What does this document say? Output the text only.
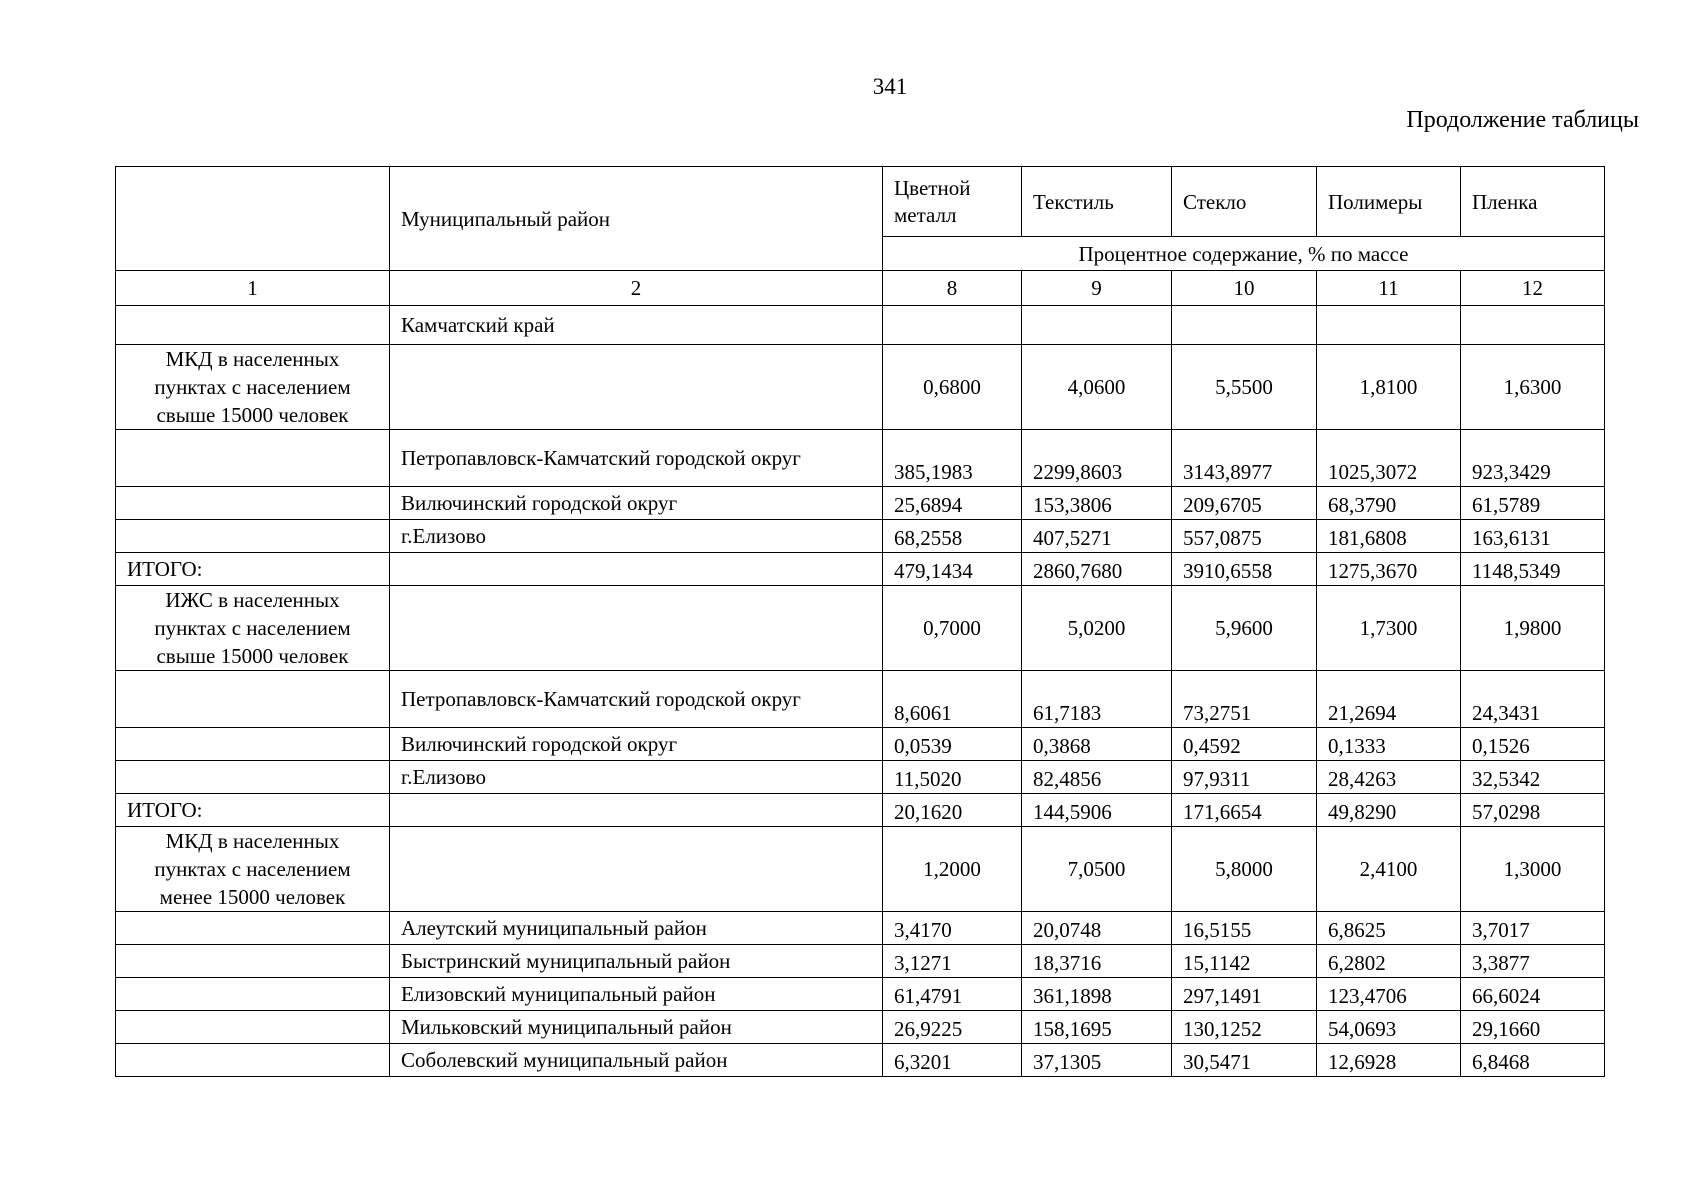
341
Продолжение таблицы
	Муниципальный район	Цветной металл	Текстиль	Стекло	Полимеры	Пленка
		Процентное содержание, % по массе				
1	2	8	9	10	11	12
	Камчатский край					
МКД в населенных пунктах с населением свыше 15000 человек		0,6800	4,0600	5,5500	1,8100	1,6300
	Петропавловск-Камчатский городской округ	385,1983	2299,8603	3143,8977	1025,3072	923,3429
	Вилючинский городской округ	25,6894	153,3806	209,6705	68,3790	61,5789
	г.Елизово	68,2558	407,5271	557,0875	181,6808	163,6131
ИТОГО:		479,1434	2860,7680	3910,6558	1275,3670	1148,5349
ИЖС в населенных пунктах с населением свыше 15000 человек		0,7000	5,0200	5,9600	1,7300	1,9800
	Петропавловск-Камчатский городской округ	8,6061	61,7183	73,2751	21,2694	24,3431
	Вилючинский городской округ	0,0539	0,3868	0,4592	0,1333	0,1526
	г.Елизово	11,5020	82,4856	97,9311	28,4263	32,5342
ИТОГО:		20,1620	144,5906	171,6654	49,8290	57,0298
МКД в населенных пунктах с населением менее 15000 человек		1,2000	7,0500	5,8000	2,4100	1,3000
	Алеутский муниципальный район	3,4170	20,0748	16,5155	6,8625	3,7017
	Быстринский муниципальный район	3,1271	18,3716	15,1142	6,2802	3,3877
	Елизовский муниципальный район	61,4791	361,1898	297,1491	123,4706	66,6024
	Мильковский муниципальный район	26,9225	158,1695	130,1252	54,0693	29,1660
	Соболевский муниципальный район	6,3201	37,1305	30,5471	12,6928	6,8468
